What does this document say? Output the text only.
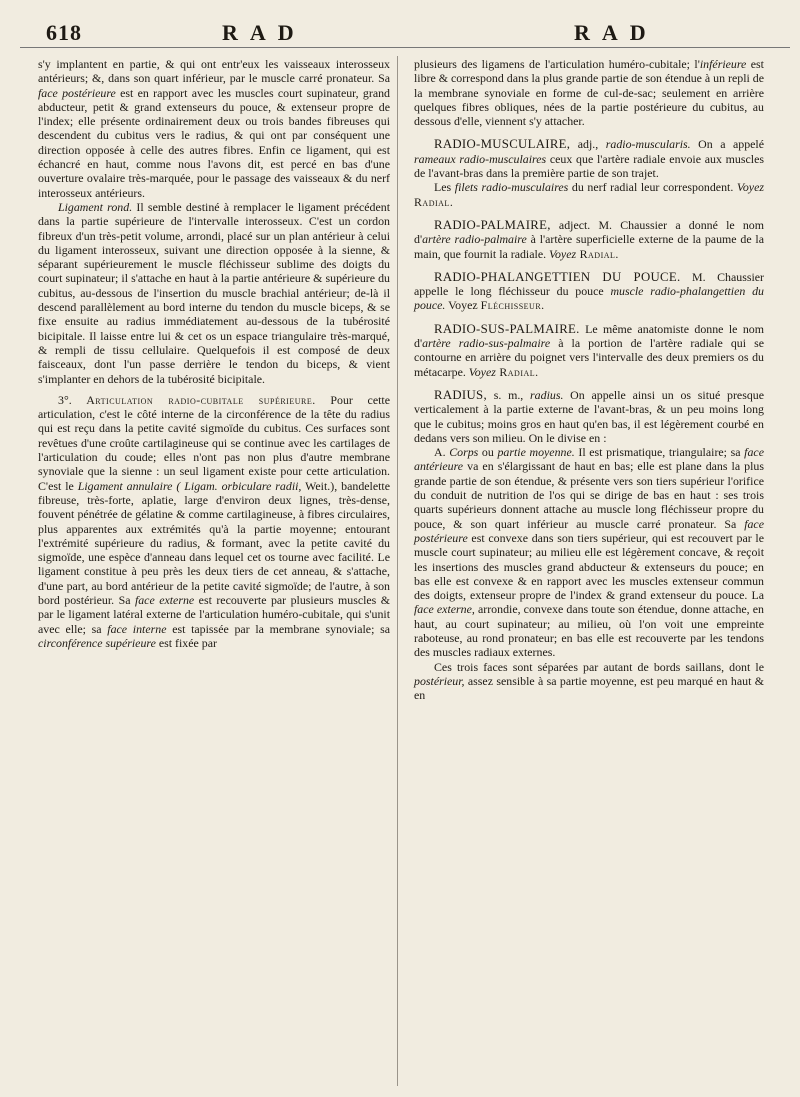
618	RAD	RAD

s'y implantent en partie, & qui ont entr'eux les vaisseaux interosseux antérieurs; &, dans son quart inférieur, par le muscle carré pronateur. Sa face postérieure est en rapport avec les muscles court supinateur, grand abducteur, petit & grand extenseurs du pouce, & extenseur propre de l'index; elle présente ordinairement deux ou trois bandes fibreuses qui descendent du cubitus vers le radius, & qui ont par conséquent une direction opposée à celle des autres fibres. Enfin ce ligament, qui est échancré en haut, comme nous l'avons dit, est percé en bas d'une ouverture ovalaire très-marquée, pour le passage des vaisseaux & du nerf interosseux antérieurs.

Ligament rond. Il semble destiné à remplacer le ligament précédent dans la partie supérieure de l'intervalle interosseux. C'est un cordon fibreux d'un très-petit volume, arrondi, placé sur un plan antérieur à celui du ligament interosseux, suivant une direction opposée à la sienne, & séparant supérieurement le muscle fléchisseur sublime des doigts du court supinateur; il s'attache en haut à la partie antérieure & supérieure du cubitus, au-dessous de l'insertion du muscle brachial antérieur; de-là il descend parallèlement au bord interne du tendon du muscle biceps, & se fixe ensuite au radius immédiatement au-dessous de la tubérosité bicipitale. Il laisse entre lui & cet os un espace triangulaire très-marqué, & rempli de tissu cellulaire. Quelquefois il est composé de deux faisceaux, dont l'un passe derrière le tendon du biceps, & vient s'implanter en dehors de la tubérosité bicipitale.

3°. Articulation radio-cubitale supérieure. Pour cette articulation, c'est le côté interne de la circonférence de la tête du radius qui est reçu dans la petite cavité sigmoïde du cubitus. Ces surfaces sont revêtues d'une croûte cartilagineuse qui se continue avec les cartilages de l'articulation du coude; elles n'ont pas non plus d'autre membrane synoviale que la sienne : un seul ligament existe pour cette articulation. C'est le Ligament annulaire ( Ligam. orbiculare radii, Weit.), bandelette fibreuse, très-forte, aplatie, large d'environ deux lignes, très-dense, fouvent pénétrée de gélatine & comme cartilagineuse, à fibres circulaires, plus apparentes aux extrémités qu'à la partie moyenne; entourant l'extrémité supérieure du radius, & formant, avec la petite cavité du sigmoïde, une espèce d'anneau dans lequel cet os tourne avec facilité. Le ligament constitue à peu près les deux tiers de cet anneau, & s'attache, d'une part, au bord antérieur de la petite cavité sigmoïde; de l'autre, à son bord postérieur. Sa face externe est recouverte par plusieurs muscles & par le ligament latéral externe de l'articulation huméro-cubitale, qui s'unit avec elle; sa face interne est tapissée par la membrane synoviale; sa circonférence supérieure est fixée par

plusieurs des ligamens de l'articulation huméro-cubitale; l'inférieure est libre & correspond dans la plus grande partie de son étendue à un repli de la membrane synoviale en forme de cul-de-sac; seulement en arrière quelques fibres obliques, nées de la partie postérieure du cubitus, au dessous d'elle, viennent s'y attacher.

RADIO-MUSCULAIRE, adj., radio-muscularis. On a appelé rameaux radio-musculaires ceux que l'artère radiale envoie aux muscles de l'avant-bras dans la première partie de son trajet.

Les filets radio-musculaires du nerf radial leur correspondent. Voyez Radial.

RADIO-PALMAIRE, adject. M. Chaussier a donné le nom d'artère radio-palmaire à l'artère superficielle externe de la paume de la main, que fournit la radiale. Voyez Radial.

RADIO-PHALANGETTIEN DU POUCE. M. Chaussier appelle le long fléchisseur du pouce muscle radio-phalangettien du pouce. Voyez Fléchisseur.

RADIO-SUS-PALMAIRE. Le même anatomiste donne le nom d'artère radio-sus-palmaire à la portion de l'artère radiale qui se contourne en arrière du poignet vers l'intervalle des deux premiers os du métacarpe. Voyez Radial.

RADIUS, s. m., radius. On appelle ainsi un os situé presque verticalement à la partie externe de l'avant-bras, & un peu moins long que le cubitus; moins gros en haut qu'en bas, il est légèrement courbé en dedans vers son milieu. On le divise en :

A. Corps ou partie moyenne. Il est prismatique, triangulaire; sa face antérieure va en s'élargissant de haut en bas; elle est plane dans la plus grande partie de son étendue, & présente vers son tiers supérieur l'orifice du conduit de nutrition de l'os qui se dirige de bas en haut : ses trois quarts supérieurs donnent attache au muscle long fléchisseur propre du pouce, & son quart inférieur au muscle carré pronateur. Sa face postérieure est convexe dans son tiers supérieur, qui est recouvert par le muscle court supinateur; au milieu elle est légèrement concave, & reçoit les insertions des muscles grand abducteur & extenseurs du pouce; en bas elle est convexe & en rapport avec les muscles extenseur commun des doigts, extenseur propre de l'index & grand extenseur du pouce. La face externe, arrondie, convexe dans toute son étendue, donne attache, en haut, au court supinateur; au milieu, où l'on voit une empreinte raboteuse, au rond pronateur; en bas elle est recouverte par les tendons des muscles radiaux externes.

Ces trois faces sont séparées par autant de bords saillans, dont le postérieur, assez sensible à sa partie moyenne, est peu marqué en haut & en
